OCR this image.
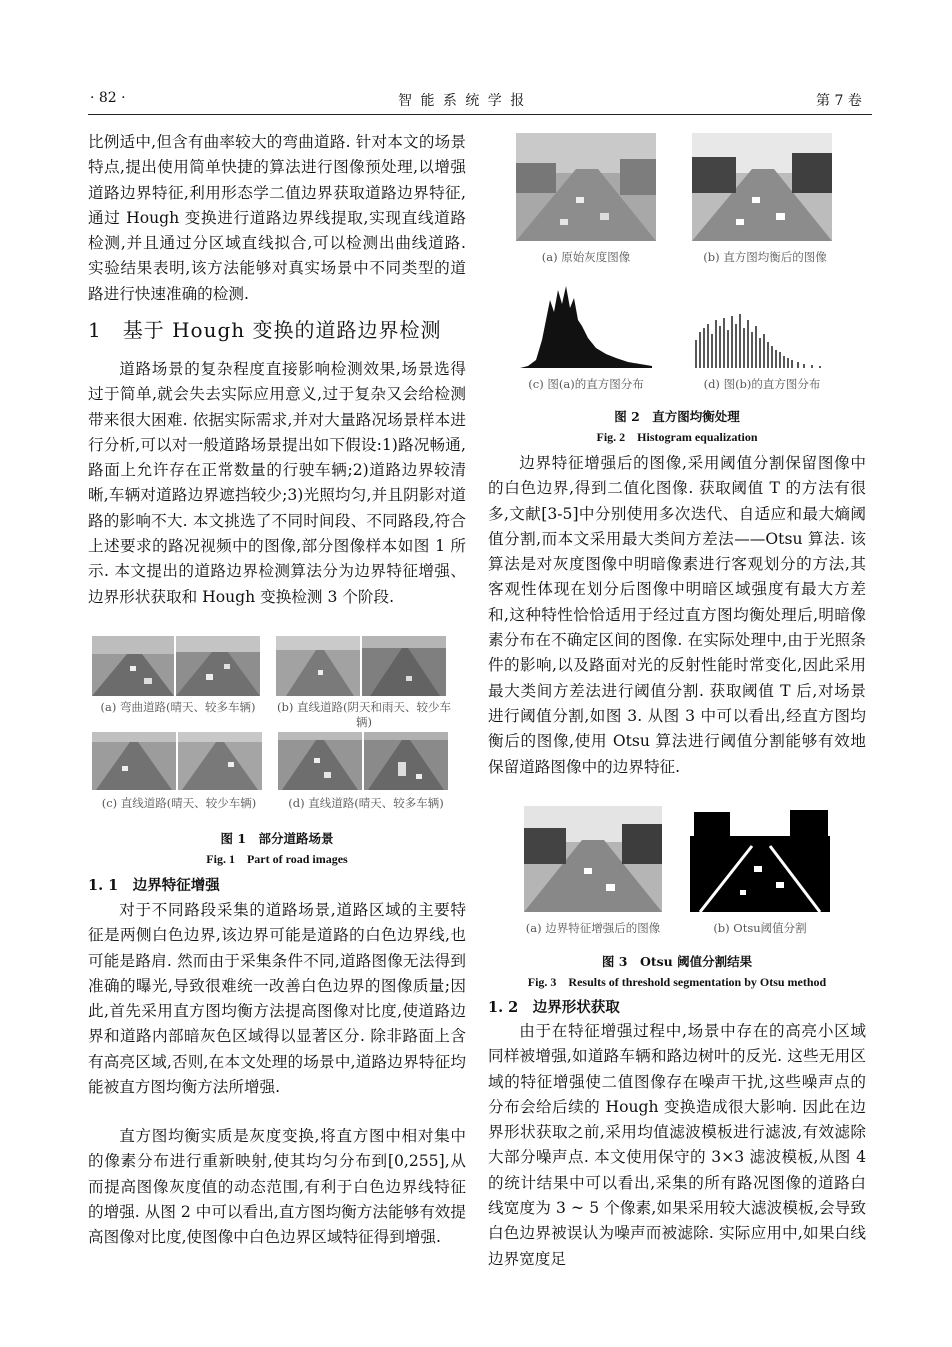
· 82 ·	智 能 系 统 学 报	第 7 卷

比例适中,但含有曲率较大的弯曲道路. 针对本文的场景特点,提出使用简单快捷的算法进行图像预处理,以增强道路边界特征,利用形态学二值边界获取道路边界特征,通过 Hough 变换进行道路边界线提取,实现直线道路检测,并且通过分区域直线拟合,可以检测出曲线道路. 实验结果表明,该方法能够对真实场景中不同类型的道路进行快速准确的检测.

1　基于 Hough 变换的道路边界检测

道路场景的复杂程度直接影响检测效果,场景选得过于简单,就会失去实际应用意义,过于复杂又会给检测带来很大困难. 依据实际需求,并对大量路况场景样本进行分析,可以对一般道路场景提出如下假设:1)路况畅通,路面上允许存在正常数量的行驶车辆;2)道路边界较清晰,车辆对道路边界遮挡较少;3)光照均匀,并且阴影对道路的影响不大. 本文挑选了不同时间段、不同路段,符合上述要求的路况视频中的图像,部分图像样本如图 1 所示. 本文提出的道路边界检测算法分为边界特征增强、边界形状获取和 Hough 变换检测 3 个阶段.

(a) 弯曲道路(晴天、较多车辆)	(b) 直线道路(阴天和雨天、较少车辆)
(c) 直线道路(晴天、较少车辆)	(d) 直线道路(晴天、较多车辆)
图 1　部分道路场景
Fig. 1　Part of road images
1. 1　边界特征增强

对于不同路段采集的道路场景,道路区域的主要特征是两侧白色边界,该边界可能是道路的白色边界线,也可能是路肩. 然而由于采集条件不同,道路图像无法得到准确的曝光,导致很难统一改善白色边界的图像质量;因此,首先采用直方图均衡方法提高图像对比度,使道路边界和道路内部暗灰色区域得以显著区分. 除非路面上含有高亮区域,否则,在本文处理的场景中,道路边界特征均能被直方图均衡方法所增强.

直方图均衡实质是灰度变换,将直方图中相对集中的像素分布进行重新映射,使其均匀分布到[0,255],从而提高图像灰度值的动态范围,有利于白色边界线特征的增强. 从图 2 中可以看出,直方图均衡方法能够有效提高图像对比度,使图像中白色边界区域特征得到增强.

(a) 原始灰度图像	(b) 直方图均衡后的图像
(c) 图(a)的直方图分布	(d) 图(b)的直方图分布
图 2　直方图均衡处理
Fig. 2　Histogram equalization

边界特征增强后的图像,采用阈值分割保留图像中的白色边界,得到二值化图像. 获取阈值 T 的方法有很多,文献[3-5]中分别使用多次迭代、自适应和最大熵阈值分割,而本文采用最大类间方差法——Otsu 算法. 该算法是对灰度图像中明暗像素进行客观划分的方法,其客观性体现在划分后图像中明暗区域强度有最大方差和,这种特性恰恰适用于经过直方图均衡处理后,明暗像素分布在不确定区间的图像. 在实际处理中,由于光照条件的影响,以及路面对光的反射性能时常变化,因此采用最大类间方差法进行阈值分割. 获取阈值 T 后,对场景进行阈值分割,如图 3. 从图 3 中可以看出,经直方图均衡后的图像,使用 Otsu 算法进行阈值分割能够有效地保留道路图像中的边界特征.

(a) 边界特征增强后的图像	(b) Otsu阈值分割
图 3　Otsu 阈值分割结果
Fig. 3　Results of threshold segmentation by Otsu method
1. 2　边界形状获取

由于在特征增强过程中,场景中存在的高亮小区域同样被增强,如道路车辆和路边树叶的反光. 这些无用区域的特征增强使二值图像存在噪声干扰,这些噪声点的分布会给后续的 Hough 变换造成很大影响. 因此在边界形状获取之前,采用均值滤波模板进行滤波,有效滤除大部分噪声点. 本文使用保守的 3×3 滤波模板,从图 4 的统计结果中可以看出,采集的所有路况图像的道路白线宽度为 3 ~ 5 个像素,如果采用较大滤波模板,会导致白色边界被误认为噪声而被滤除. 实际应用中,如果白线边界宽度足
